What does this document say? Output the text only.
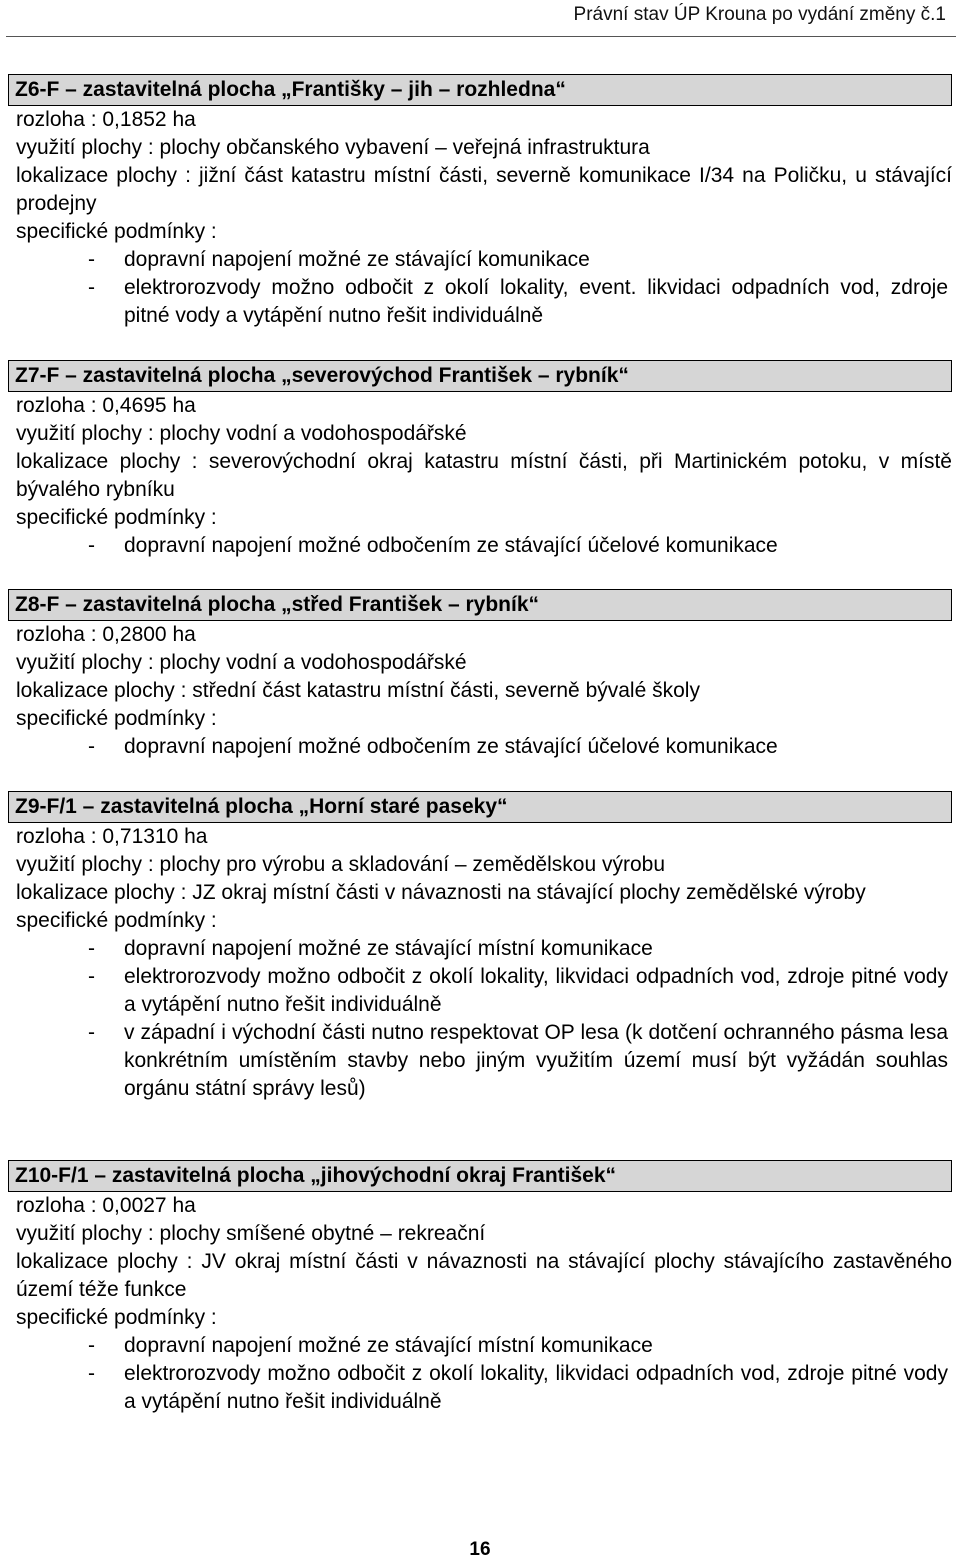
Právní stav ÚP Krouna po vydání změny č.1
Z6-F – zastavitelná plocha „Františky – jih – rozhledna“
rozloha : 0,1852 ha
využití plochy : plochy občanského vybavení – veřejná infrastruktura
lokalizace plochy : jižní část katastru místní části, severně komunikace I/34 na Poličku, u stávající prodejny
specifické podmínky :
-	dopravní napojení možné ze stávající komunikace
-	elektrorozvody možno odbočit z okolí lokality, event. likvidaci odpadních vod, zdroje pitné vody a vytápění nutno řešit individuálně
Z7-F – zastavitelná plocha „severovýchod František – rybník“
rozloha : 0,4695 ha
využití plochy : plochy vodní a vodohospodářské
lokalizace plochy : severovýchodní okraj katastru místní části, při Martinickém potoku, v místě bývalého rybníku
specifické podmínky :
-	dopravní napojení možné odbočením ze stávající účelové komunikace
Z8-F – zastavitelná plocha „střed František – rybník“
rozloha : 0,2800 ha
využití plochy : plochy vodní a vodohospodářské
lokalizace plochy : střední část katastru místní části, severně bývalé školy
specifické podmínky :
-	dopravní napojení možné odbočením ze stávající účelové komunikace
Z9-F/1 – zastavitelná plocha „Horní staré paseky“
rozloha : 0,71310 ha
využití plochy : plochy pro výrobu a skladování – zemědělskou výrobu
lokalizace plochy : JZ okraj místní části v návaznosti na stávající plochy zemědělské výroby
specifické podmínky :
-	dopravní napojení možné ze stávající místní komunikace
-	elektrorozvody možno odbočit z okolí lokality, likvidaci odpadních vod, zdroje pitné vody a vytápění nutno řešit individuálně
-	v západní i východní části nutno respektovat OP lesa (k dotčení ochranného pásma lesa konkrétním umístěním stavby nebo jiným využitím území musí být vyžádán souhlas orgánu státní správy lesů)
Z10-F/1 – zastavitelná plocha „jihovýchodní okraj František“
rozloha : 0,0027 ha
využití plochy : plochy smíšené obytné – rekreační
lokalizace plochy : JV okraj místní části v návaznosti na stávající plochy stávajícího zastavěného území téže funkce
specifické podmínky :
-	dopravní napojení možné ze stávající místní komunikace
-	elektrorozvody možno odbočit z okolí lokality, likvidaci odpadních vod, zdroje pitné vody a vytápění nutno řešit individuálně
16
